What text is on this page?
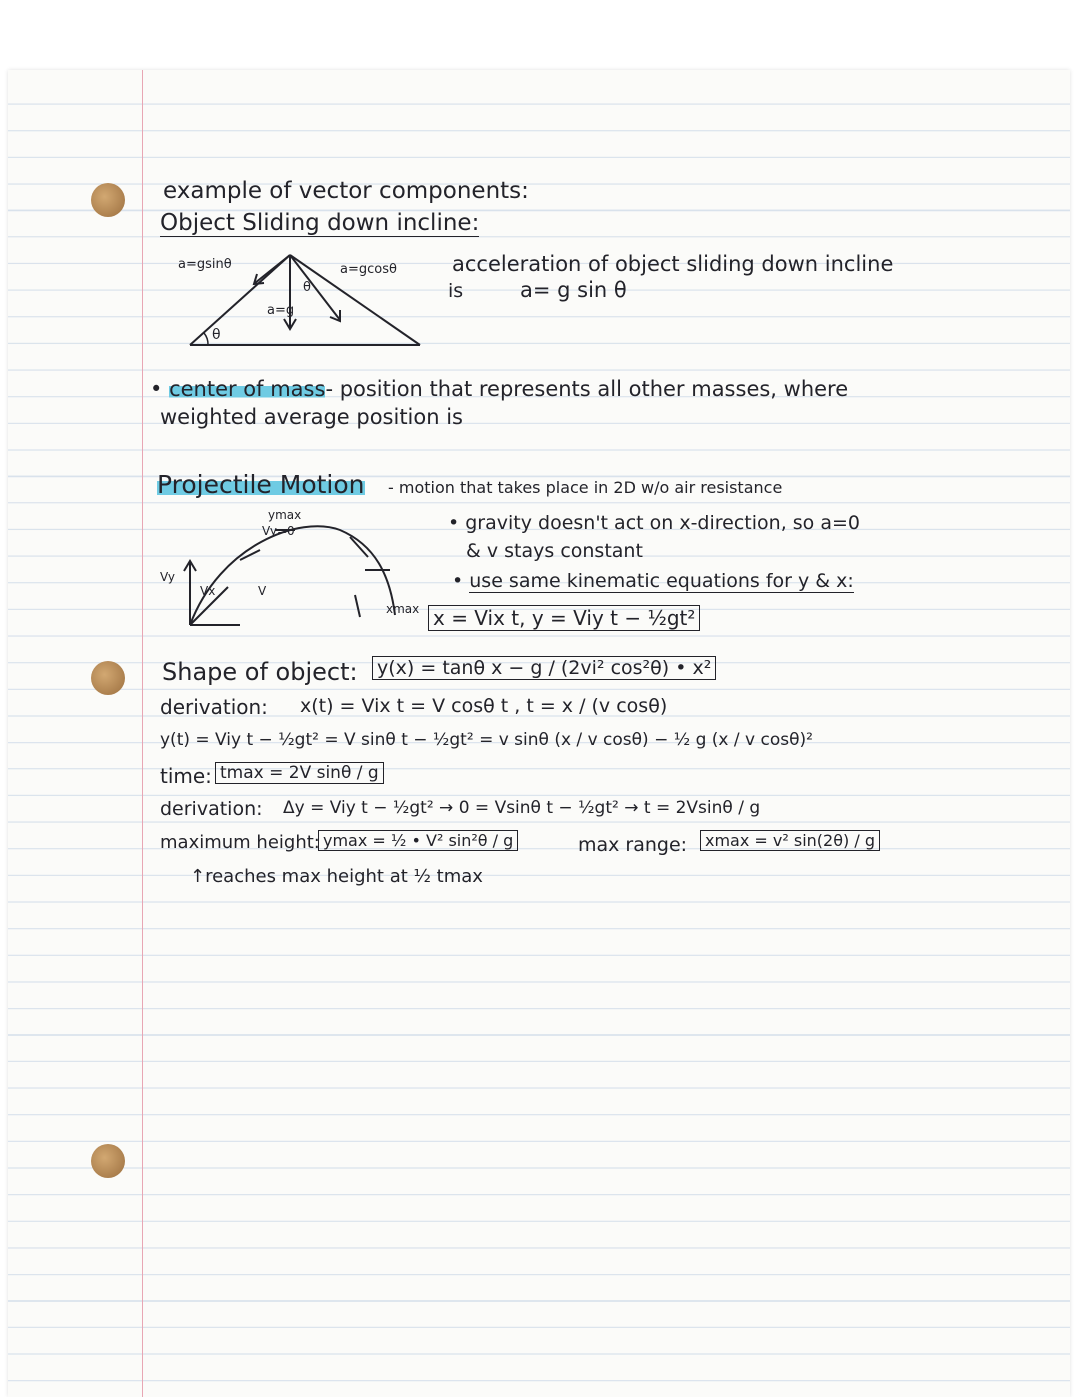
example of vector components:
Object Sliding down incline:
a=gsinθ	a=gcosθ
a=g
θ
θ
acceleration of object sliding down incline
is	a= g sin θ
• center of mass- position that represents all other masses, where
weighted average position is
Projectile Motion - motion that takes place in 2D w/o air resistance
ymax
Vy=0
Vy
Vx	V
xmax
• gravity doesn't act on x-direction, so a=0
& v stays constant
• use same kinematic equations for y & x:
x = Vix t, y = Viy t − ½gt²
Shape of object: y(x) = tanθ x − g / (2vi² cos²θ) • x²
derivation: x(t) = Vix t = V cosθ t , t = x / (v cosθ)
y(t) = Viy t − ½gt² = V sinθ t − ½gt² = v sinθ (x / v cosθ) − ½ g (x / v cosθ)²
time: tmax = 2V sinθ / g
derivation: Δy = Viy t − ½gt² → 0 = Vsinθ t − ½gt² → t = 2Vsinθ / g
maximum height: ymax = ½ • V² sin²θ / g	max range:	xmax = v² sin(2θ) / g
↑reaches max height at ½ tmax
